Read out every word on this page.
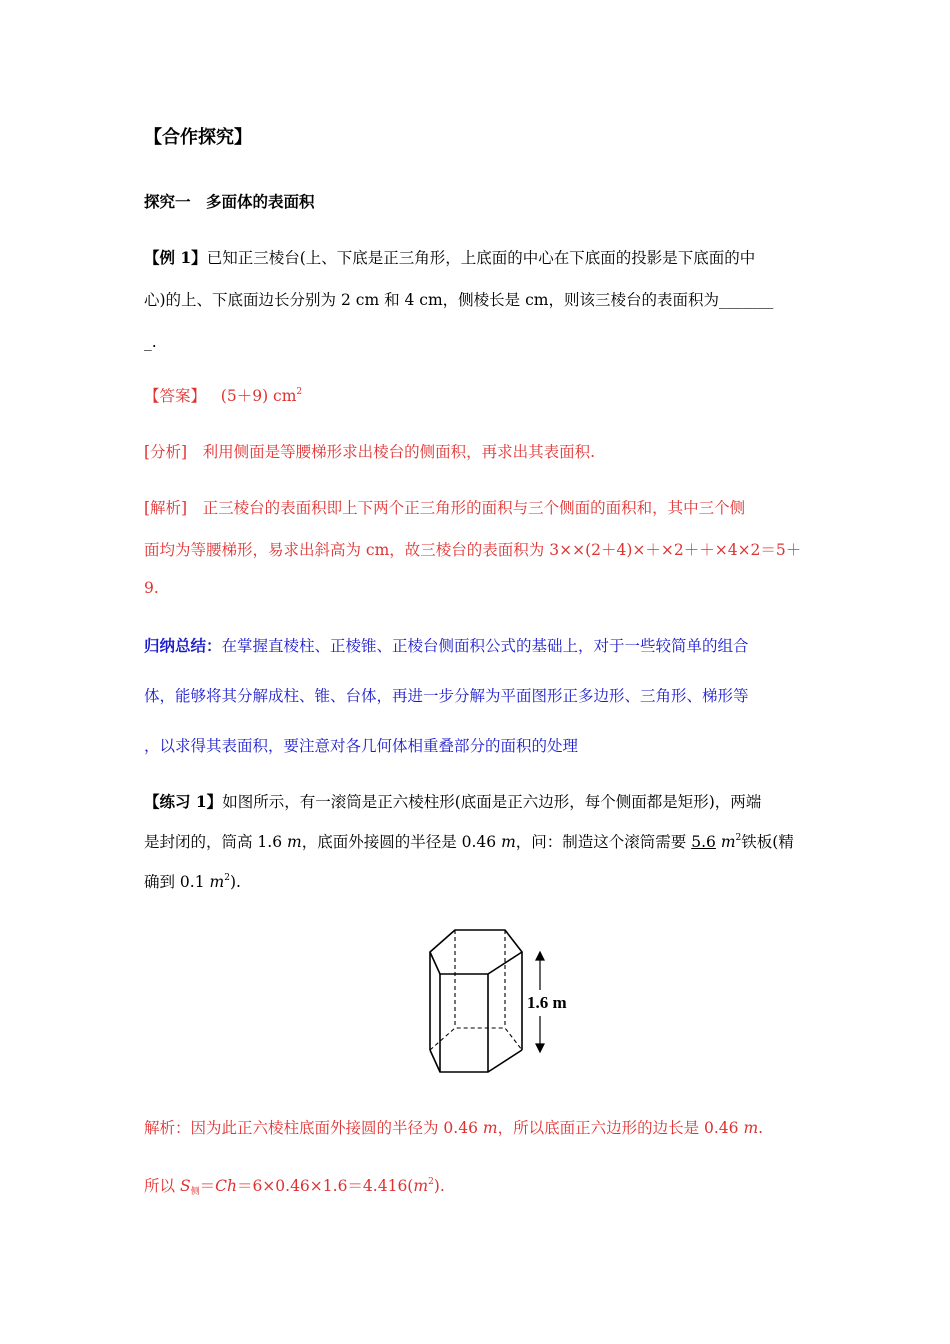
【合作探究】
探究一　多面体的表面积
【例 1】已知正三棱台(上、下底是正三角形，上底面的中心在下底面的投影是下底面的中
心)的上、下底面边长分别为 2 cm 和 4 cm，侧棱长是 cm，则该三棱台的表面积为_______
_.
【答案】 (5＋9) $cm^2$
[分析]　利用侧面是等腰梯形求出棱台的侧面积，再求出其表面积.
[解析]　正三棱台的表面积即上下两个正三角形的面积与三个侧面的面积和，其中三个侧
面均为等腰梯形，易求出斜高为 cm，故三棱台的表面积为 3××(2＋4)×＋×2＋＋×4×2＝5＋
9.
归纳总结：在掌握直棱柱、正棱锥、正棱台侧面积公式的基础上，对于一些较简单的组合
体，能够将其分解成柱、锥、台体，再进一步分解为平面图形正多边形、三角形、梯形等
，以求得其表面积，要注意对各几何体相重叠部分的面积的处理
【练习 1】如图所示，有一滚筒是正六棱柱形(底面是正六边形，每个侧面都是矩形)，两端
是封闭的，筒高 1.6 m，底面外接圆的半径是 0.46 m，问：制造这个滚筒需要 5.6 $m^2$铁板(精
确到 0.1 $m^2$).
1.6 m
解析：因为此正六棱柱底面外接圆的半径为 0.46 m，所以底面正六边形的边长是 0.46 m.
所以 $S_侧=Ch=6\times 0.46\times 1.6=4.416(m^2)$.
